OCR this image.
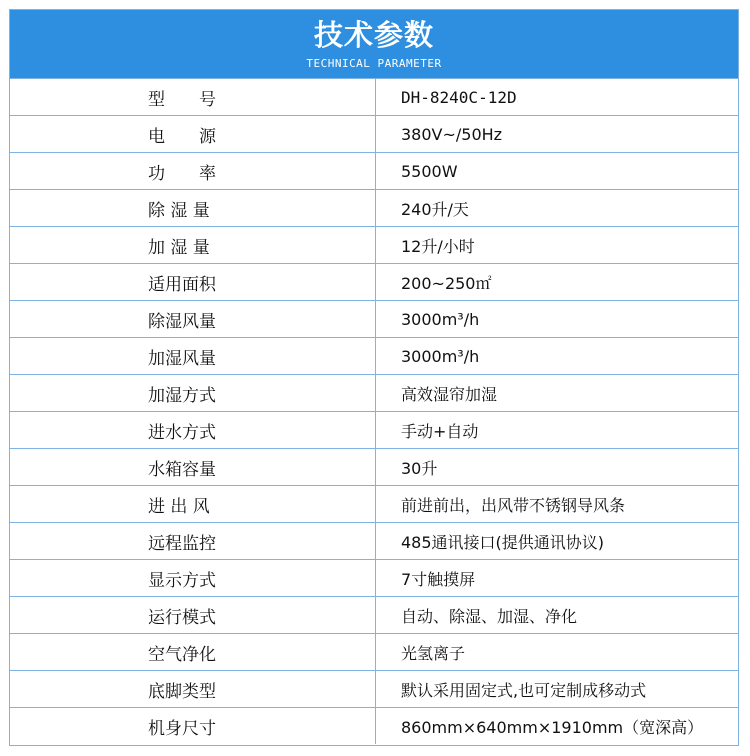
技术参数
TECHNICAL PARAMETER
型　　号	DH-8240C-12D
电　　源	380V~/50Hz
功　　率	5500W
除 湿 量	240升/天
加 湿 量	12升/小时
适用面积	200~250㎡
除湿风量	3000m³/h
加湿风量	3000m³/h
加湿方式	高效湿帘加湿
进水方式	手动+自动
水箱容量	30升
进 出 风	前进前出，出风带不锈钢导风条
远程监控	485通讯接口(提供通讯协议)
显示方式	7寸触摸屏
运行模式	自动、除湿、加湿、净化
空气净化	光氢离子
底脚类型	默认采用固定式,也可定制成移动式
机身尺寸	860mm×640mm×1910mm（宽深高）
